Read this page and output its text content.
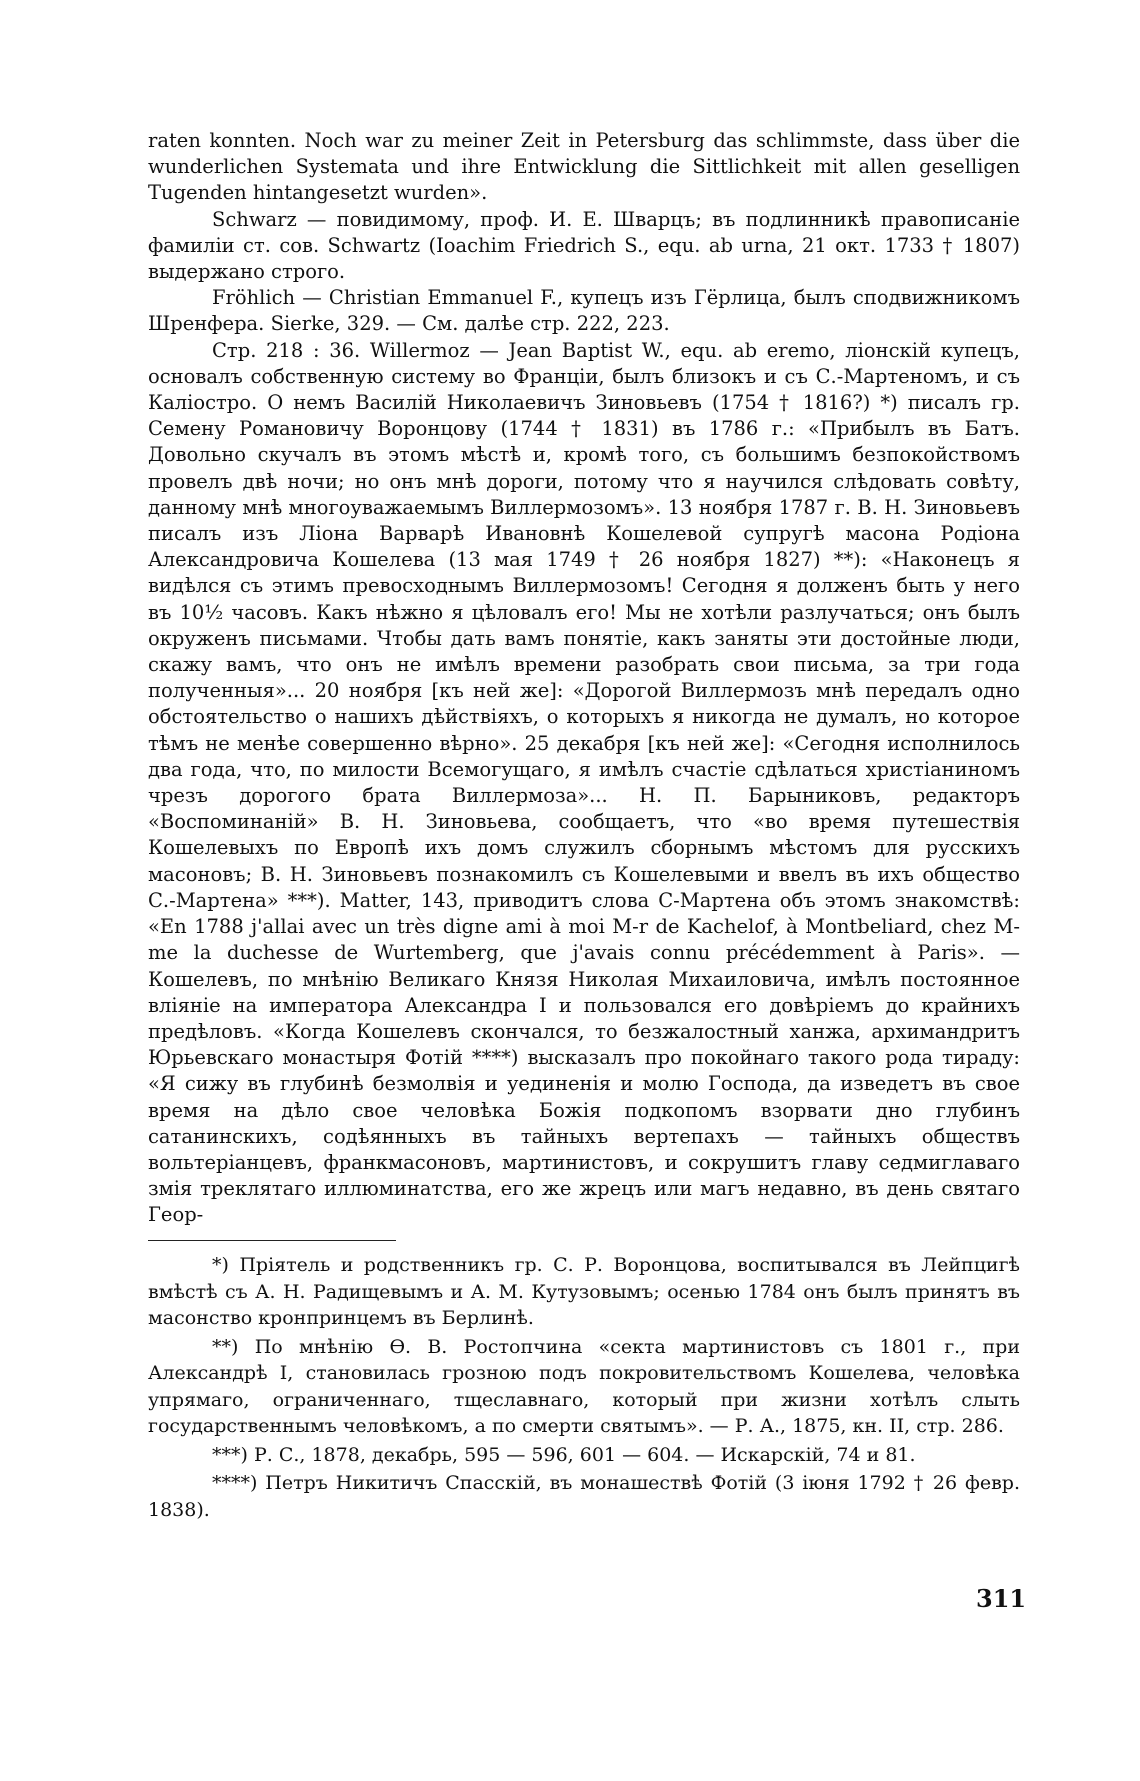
raten konnten. Noch war zu meiner Zeit in Petersburg das schlimmste, dass über die wunderlichen Systemata und ihre Entwicklung die Sittlichkeit mit allen geselligen Tugenden hintangesetzt wurden».

Schwarz — повидимому, проф. И. Е. Шварцъ; въ подлинникѣ правописаніе фамиліи ст. сов. Schwartz (Ioachim Friedrich S., equ. ab urna, 21 окт. 1733 † 1807) выдержано строго.

Fröhlich — Christian Emmanuel F., купецъ изъ Гёрлица, былъ сподвижникомъ Шренфера. Sierke, 329. — См. далѣе стр. 222, 223.

Стр. 218 : 36. Willermoz — Jean Baptist W., equ. ab eremo, ліонскій купецъ, основалъ собственную систему во Франціи, былъ близокъ и съ С.-Мартеномъ, и съ Каліостро. О немъ Василій Николаевичъ Зиновьевъ (1754 † 1816?) *) писалъ гр. Семену Романовичу Воронцову (1744 † 1831) въ 1786 г.: «Прибылъ въ Батъ. Довольно скучалъ въ этомъ мѣстѣ и, кромѣ того, съ большимъ безпокойствомъ провелъ двѣ ночи; но онъ мнѣ дороги, потому что я научился слѣдовать совѣту, данному мнѣ многоуважаемымъ Виллермозомъ». 13 ноября 1787 г. В. Н. Зиновьевъ писалъ изъ Ліона Варварѣ Ивановнѣ Кошелевой супругѣ масона Родіона Александровича Кошелева (13 мая 1749 † 26 ноября 1827) **): «Наконецъ я видѣлся съ этимъ превосходнымъ Виллермозомъ! Сегодня я долженъ быть у него въ 10½ часовъ. Какъ нѣжно я цѣловалъ его! Мы не хотѣли разлучаться; онъ былъ окруженъ письмами. Чтобы дать вамъ понятіе, какъ заняты эти достойные люди, скажу вамъ, что онъ не имѣлъ времени разобрать свои письма, за три года полученныя»... 20 ноября [къ ней же]: «Дорогой Виллермозъ мнѣ передалъ одно обстоятельство о нашихъ дѣйствіяхъ, о которыхъ я никогда не думалъ, но которое тѣмъ не менѣе совершенно вѣрно». 25 декабря [къ ней же]: «Сегодня исполнилось два года, что, по милости Всемогущаго, я имѣлъ счастіе сдѣлаться христіаниномъ чрезъ дорогого брата Виллермоза»... Н. П. Барыниковъ, редакторъ «Воспоминаній» В. Н. Зиновьева, сообщаетъ, что «во время путешествія Кошелевыхъ по Европѣ ихъ домъ служилъ сборнымъ мѣстомъ для русскихъ масоновъ; В. Н. Зиновьевъ познакомилъ съ Кошелевыми и ввелъ въ ихъ общество С.-Мартена» ***). Matter, 143, приводитъ слова С-Мартена объ этомъ знакомствѣ: «En 1788 j'allai avec un très digne ami à moi M-r de Kachelof, à Montbeliard, chez M-me la duchesse de Wurtemberg, que j'avais connu précédemment à Paris». — Кошелевъ, по мнѣнію Великаго Князя Николая Михаиловича, имѣлъ постоянное вліяніе на императора Александра I и пользовался его довѣріемъ до крайнихъ предѣловъ. «Когда Кошелевъ скончался, то безжалостный ханжа, архимандритъ Юрьевскаго монастыря Фотій ****) высказалъ про покойнаго такого рода тираду: «Я сижу въ глубинѣ безмолвія и уединенія и молю Господа, да изведетъ въ свое время на дѣло свое человѣка Божія подкопомъ взорвати дно глубинъ сатанинскихъ, содѣянныхъ въ тайныхъ вертепахъ — тайныхъ обществъ вольтеріанцевъ, франкмасоновъ, мартинистовъ, и сокрушитъ главу седмиглаваго змія треклятаго иллюминатства, его же жрецъ или магъ недавно, въ день святаго Геор-

*) Пріятель и родственникъ гр. С. Р. Воронцова, воспитывался въ Лейпцигѣ вмѣстѣ съ А. Н. Радищевымъ и А. М. Кутузовымъ; осенью 1784 онъ былъ принятъ въ масонство кронпринцемъ въ Берлинѣ.

**) По мнѣнію Ѳ. В. Ростопчина «секта мартинистовъ съ 1801 г., при Александрѣ I, становилась грозною подъ покровительствомъ Кошелева, человѣка упрямаго, ограниченнаго, тщеславнаго, который при жизни хотѣлъ слыть государственнымъ человѣкомъ, а по смерти святымъ». — Р. А., 1875, кн. II, стр. 286.

***) Р. С., 1878, декабрь, 595 — 596, 601 — 604. — Искарскій, 74 и 81.

****) Петръ Никитичъ Спасскій, въ монашествѣ Фотій (3 іюня 1792 † 26 февр. 1838).

311
